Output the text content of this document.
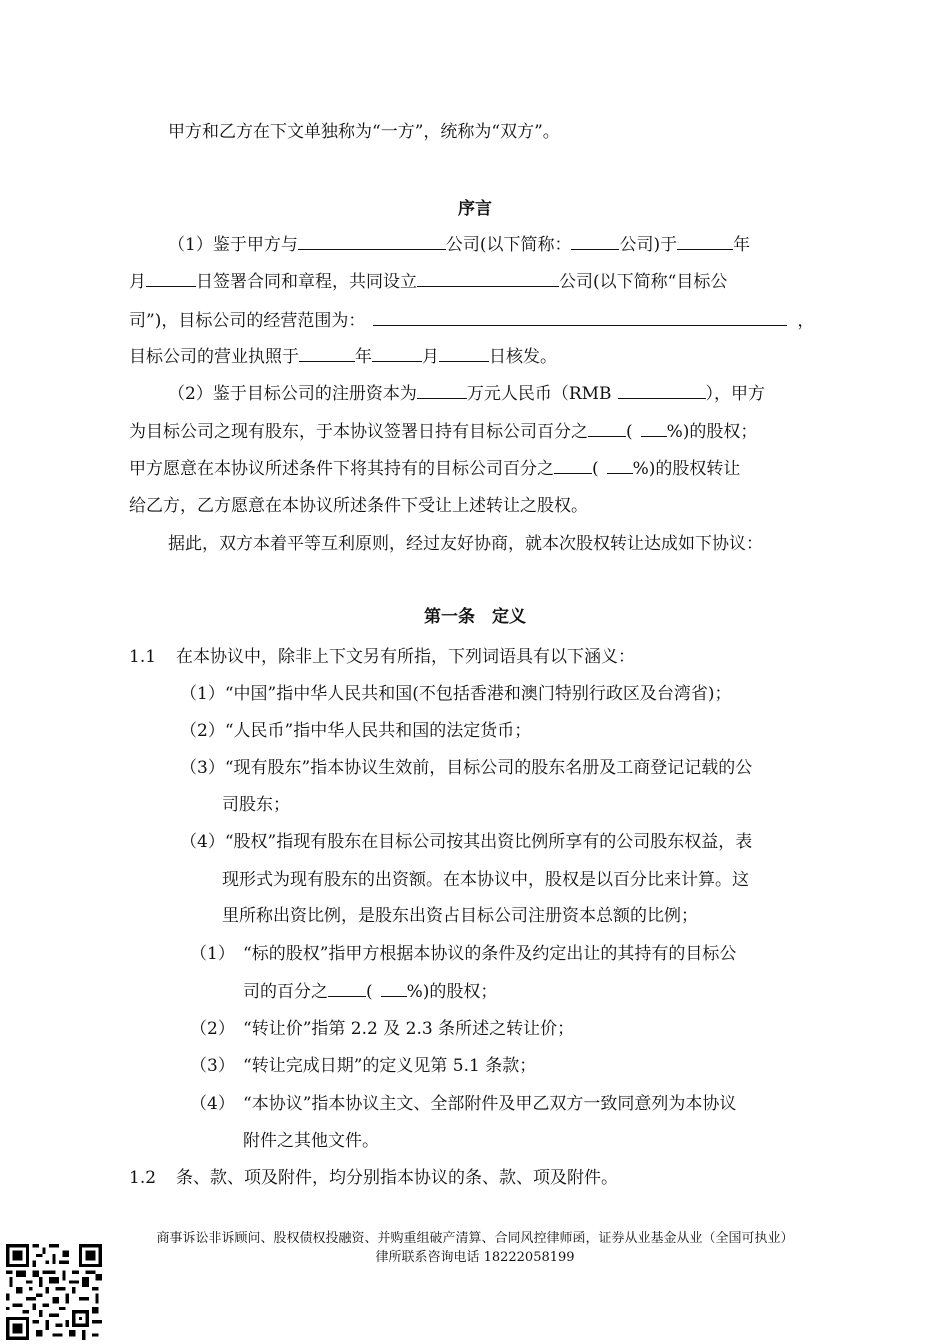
甲方和乙方在下文单独称为“一方”，统称为“双方”。
序言
（1）鉴于甲方与	公司(以下简称：	公司)于	年
月	日签署合同和章程，共同设立	公司(以下简称“目标公
司”)，目标公司的经营范围为：	，
目标公司的营业执照于	年	月	日核发。
（2）鉴于目标公司的注册资本为	万元人民币（RMB	），甲方
为目标公司之现有股东，于本协议签署日持有目标公司百分之 ( %)的股权；
甲方愿意在本协议所述条件下将其持有的目标公司百分之 ( %)的股权转让
给乙方，乙方愿意在本协议所述条件下受让上述转让之股权。
据此，双方本着平等互利原则，经过友好协商，就本次股权转让达成如下协议：
第一条　定义
1.1 在本协议中，除非上下文另有所指，下列词语具有以下涵义：
（1）“中国”指中华人民共和国(不包括香港和澳门特别行政区及台湾省)；
（2）“人民币”指中华人民共和国的法定货币；
（3）“现有股东”指本协议生效前，目标公司的股东名册及工商登记记载的公
司股东；
（4）“股权”指现有股东在目标公司按其出资比例所享有的公司股东权益，表
现形式为现有股东的出资额。在本协议中，股权是以百分比来计算。这
里所称出资比例，是股东出资占目标公司注册资本总额的比例；
（1） “标的股权”指甲方根据本协议的条件及约定出让的其持有的目标公
司的百分之 ( %)的股权；
（2） “转让价”指第 2.2 及 2.3 条所述之转让价；
（3） “转让完成日期”的定义见第 5.1 条款；
（4） “本协议”指本协议主文、全部附件及甲乙双方一致同意列为本协议
附件之其他文件。
1.2 条、款、项及附件，均分别指本协议的条、款、项及附件。
商事诉讼非诉顾问、股权债权投融资、并购重组破产清算、合同风控律师函，证券从业基金从业（全国可执业）
律所联系咨询电话 18222058199
